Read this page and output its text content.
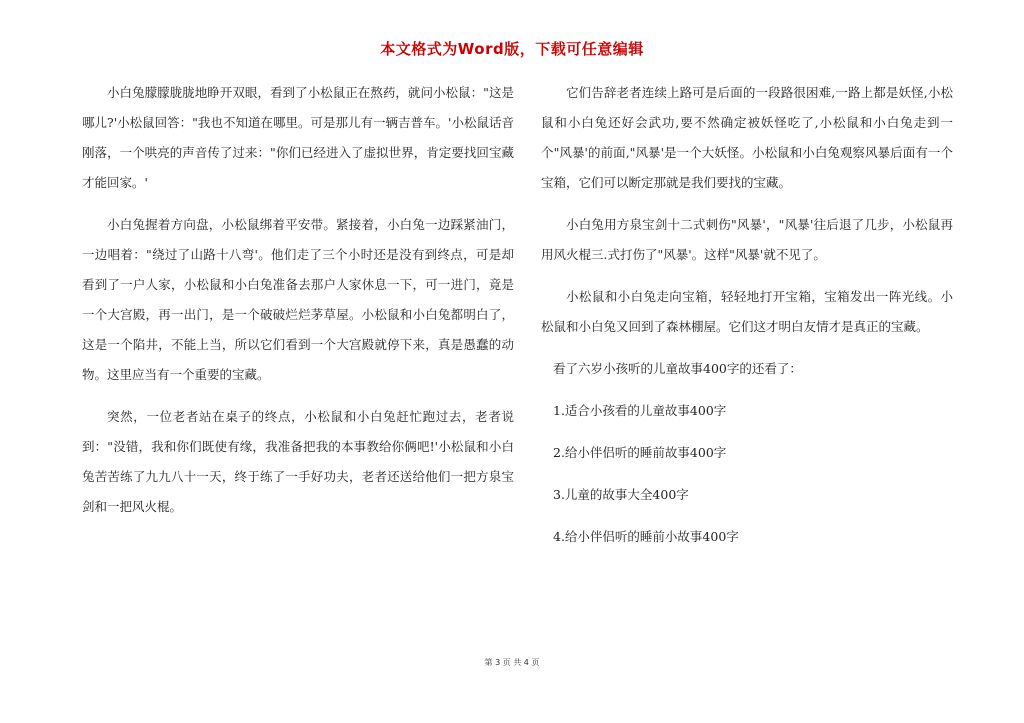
本文格式为Word版，下载可任意编辑

小白兔朦朦胧胧地睁开双眼，看到了小松鼠正在熬药，就问小松鼠："这是哪儿?'小松鼠回答："我也不知道在哪里。可是那儿有一辆吉普车。'小松鼠话音刚落，一个哄亮的声音传了过来："你们已经进入了虚拟世界，肯定要找回宝藏才能回家。'

小白兔握着方向盘，小松鼠绑着平安带。紧接着，小白兔一边踩紧油门，一边唱着："绕过了山路十八弯'。他们走了三个小时还是没有到终点，可是却看到了一户人家，小松鼠和小白兔准备去那户人家休息一下，可一进门，竟是一个大宫殿，再一出门，是一个破破烂烂茅草屋。小松鼠和小白兔都明白了，这是一个陷井，不能上当，所以它们看到一个大宫殿就停下来，真是愚蠢的动物。这里应当有一个重要的宝藏。

突然，一位老者站在桌子的终点，小松鼠和小白兔赶忙跑过去，老者说到："没错，我和你们既使有缘，我准备把我的本事教给你俩吧!'小松鼠和小白兔苦苦练了九九八十一天，终于练了一手好功夫，老者还送给他们一把方泉宝剑和一把风火棍。

它们告辞老者连续上路可是后面的一段路很困难,一路上都是妖怪,小松鼠和小白兔还好会武功,要不然确定被妖怪吃了,小松鼠和小白兔走到一个"风暴'的前面,"风暴'是一个大妖怪。小松鼠和小白兔观察风暴后面有一个宝箱，它们可以断定那就是我们要找的宝藏。

小白兔用方泉宝剑十二式刺伤"风暴'，"风暴'往后退了几步，小松鼠再用风火棍三.式打伤了"风暴'。这样"风暴'就不见了。

小松鼠和小白兔走向宝箱，轻轻地打开宝箱，宝箱发出一阵光线。小松鼠和小白兔又回到了森林棚屋。它们这才明白友情才是真正的宝藏。

看了六岁小孩听的儿童故事400字的还看了：
1.适合小孩看的儿童故事400字
2.给小伴侣听的睡前故事400字
3.儿童的故事大全400字
4.给小伴侣听的睡前小故事400字
第 3 页 共 4 页
